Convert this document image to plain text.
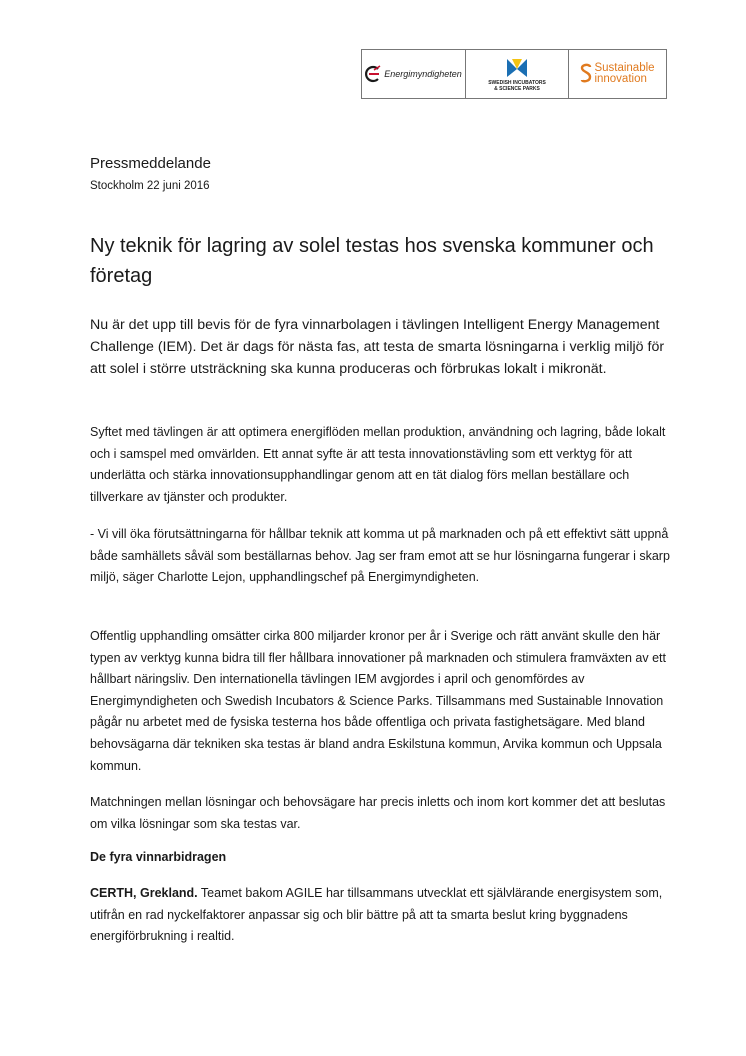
Energimyndigheten
SWEDISH INCUBATORS
& SCIENCE PARKS
Sustainable
innovation
Pressmeddelande
Stockholm 22 juni 2016
Ny teknik för lagring av solel testas hos svenska kommuner och företag

Nu är det upp till bevis för de fyra vinnarbolagen i tävlingen Intelligent Energy Management Challenge (IEM). Det är dags för nästa fas, att testa de smarta lösningarna i verklig miljö för att solel i större utsträckning ska kunna produceras och förbrukas lokalt i mikronät.

Syftet med tävlingen är att optimera energiflöden mellan produktion, användning och lagring, både lokalt och i samspel med omvärlden. Ett annat syfte är att testa innovationstävling som ett verktyg för att underlätta och stärka innovationsupphandlingar genom att en tät dialog förs mellan beställare och tillverkare av tjänster och produkter.

- Vi vill öka förutsättningarna för hållbar teknik att komma ut på marknaden och på ett effektivt sätt uppnå både samhällets såväl som beställarnas behov. Jag ser fram emot att se hur lösningarna fungerar i skarp miljö, säger Charlotte Lejon, upphandlingschef på Energimyndigheten.

Offentlig upphandling omsätter cirka 800 miljarder kronor per år i Sverige och rätt använt skulle den här typen av verktyg kunna bidra till fler hållbara innovationer på marknaden och stimulera framväxten av ett hållbart näringsliv. Den internationella tävlingen IEM avgjordes i april och genomfördes av Energimyndigheten och Swedish Incubators & Science Parks. Tillsammans med Sustainable Innovation pågår nu arbetet med de fysiska testerna hos både offentliga och privata fastighetsägare. Med bland behovsägarna där tekniken ska testas är bland andra Eskilstuna kommun, Arvika kommun och Uppsala kommun.

Matchningen mellan lösningar och behovsägare har precis inletts och inom kort kommer det att beslutas om vilka lösningar som ska testas var.

De fyra vinnarbidragen

CERTH, Grekland. Teamet bakom AGILE har tillsammans utvecklat ett självlärande energisystem som, utifrån en rad nyckelfaktorer anpassar sig och blir bättre på att ta smarta beslut kring byggnadens energiförbrukning i realtid.
